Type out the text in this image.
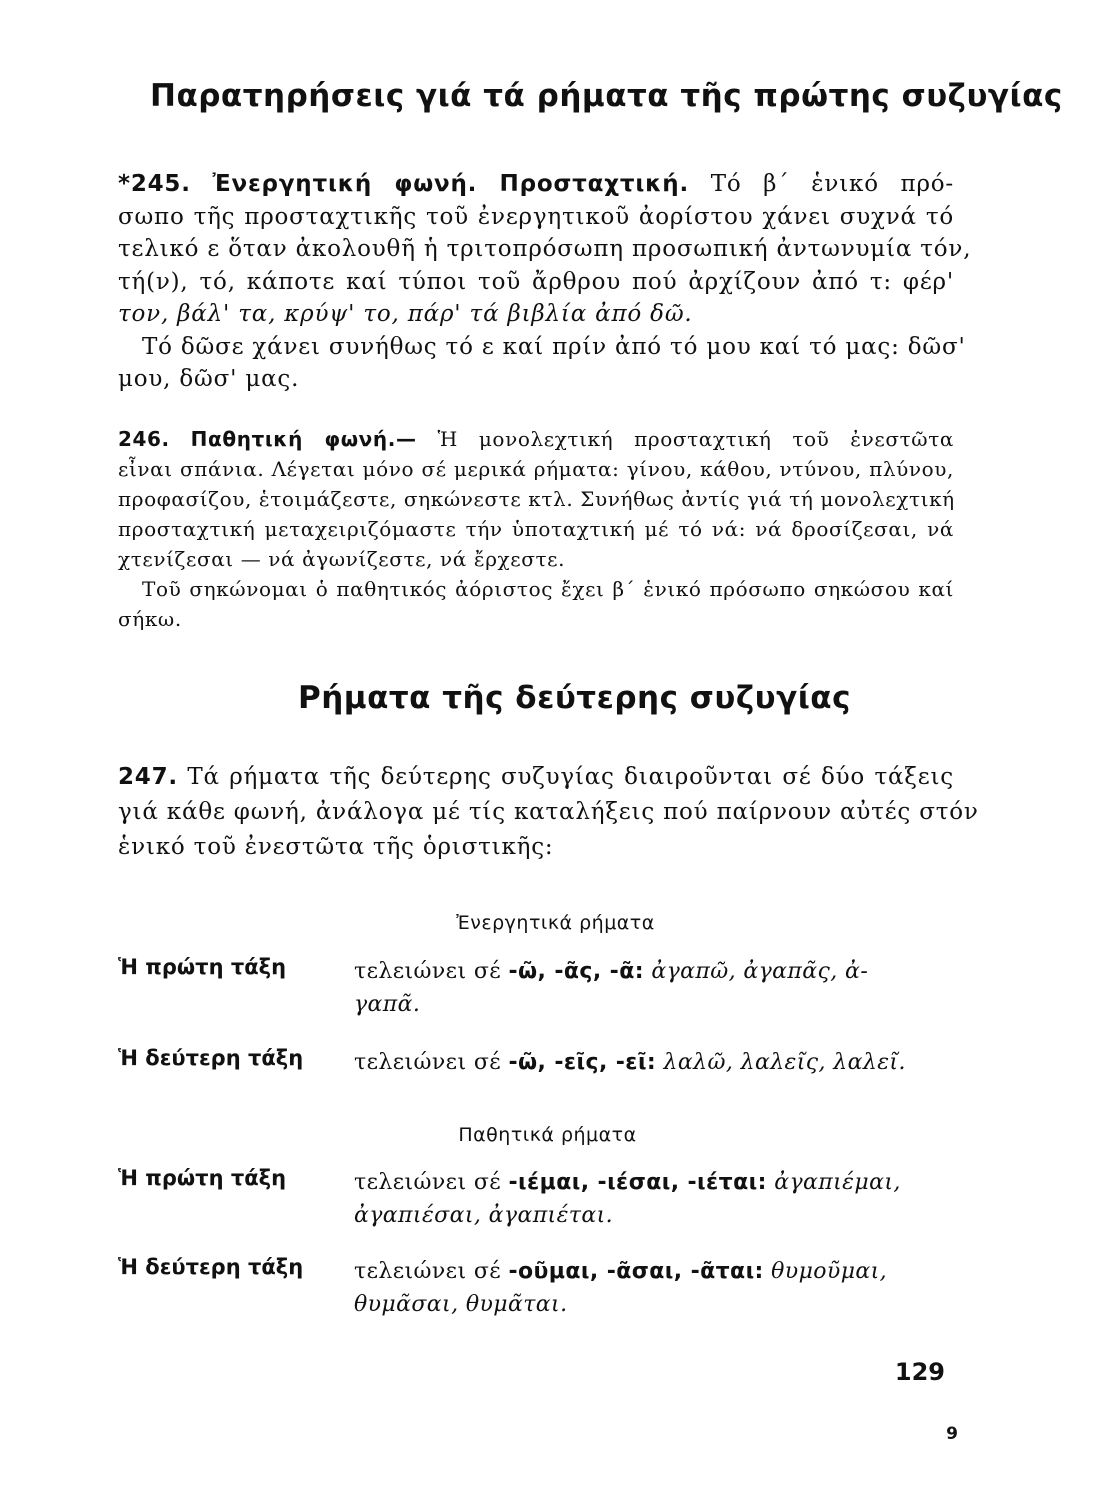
Παρατηρήσεις γιά τά ρήματα τῆς πρώτης συζυγίας
*245. Ἐνεργητική φωνή. Προσταχτική. Τό β΄ ἑνικό πρό-
σωπο τῆς προσταχτικῆς τοῦ ἐνεργητικοῦ ἀορίστου χάνει συχνά τό
τελικό ε ὅταν ἀκολουθῆ ἡ τριτοπρόσωπη προσωπική ἀντωνυμία τόν,
τή(ν), τό, κάποτε καί τύποι τοῦ ἄρθρου πού ἀρχίζουν ἀπό τ: φέρ'
τον, βάλ' τα, κρύψ' το, πάρ' τά βιβλία ἀπό δῶ.
Τό δῶσε χάνει συνήθως τό ε καί πρίν ἀπό τό μου καί τό μας: δῶσ'
μου, δῶσ' μας.
246. Παθητική φωνή.— Ἡ μονολεχτική προσταχτική τοῦ ἐνεστῶτα
εἶναι σπάνια. Λέγεται μόνο σέ μερικά ρήματα: γίνου, κάθου, ντύνου, πλύνου,
προφασίζου, ἑτοιμάζεστε, σηκώνεστε κτλ. Συνήθως ἀντίς γιά τή μονολεχτική
προσταχτική μεταχειριζόμαστε τήν ὑποταχτική μέ τό νά: νά δροσίζεσαι, νά
χτενίζεσαι — νά ἀγωνίζεστε, νά ἔρχεστε.
Τοῦ σηκώνομαι ὁ παθητικός ἀόριστος ἔχει β΄ ἑνικό πρόσωπο σηκώσου καί
σήκω.
Ρήματα τῆς δεύτερης συζυγίας
247. Τά ρήματα τῆς δεύτερης συζυγίας διαιροῦνται σέ δύο τάξεις
γιά κάθε φωνή, ἀνάλογα μέ τίς καταλήξεις πού παίρνουν αὐτές στόν
ἑνικό τοῦ ἐνεστῶτα τῆς ὁριστικῆς:
Ἐνεργητικά ρήματα
Ἡ πρώτη τάξη	τελειώνει σέ -ῶ, -ᾶς, -ᾶ: ἀγαπῶ, ἀγαπᾶς, ἀ-
γαπᾶ.
Ἡ δεύτερη τάξη τελειώνει σέ -ῶ, -εῖς, -εῖ: λαλῶ, λαλεῖς, λαλεῖ.
Παθητικά ρήματα
Ἡ πρώτη τάξη	τελειώνει σέ -ιέμαι, -ιέσαι, -ιέται: ἀγαπιέμαι,
ἀγαπιέσαι, ἀγαπιέται.
Ἡ δεύτερη τάξη τελειώνει σέ -οῦμαι, -ᾶσαι, -ᾶται: θυμοῦμαι,
θυμᾶσαι, θυμᾶται.
129
9
